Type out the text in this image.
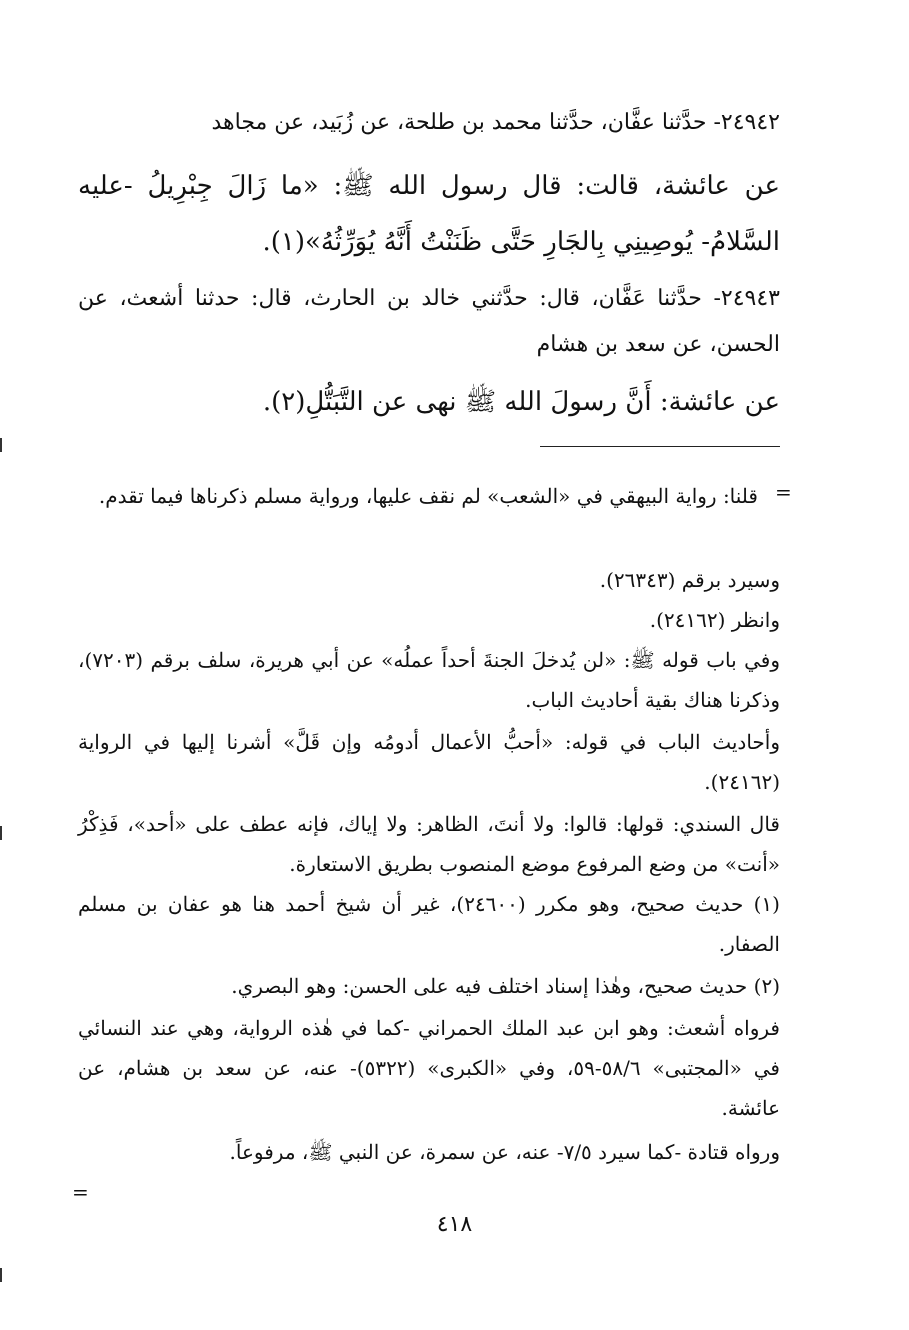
٢٤٩٤٢- حدَّثنا عفَّان، حدَّثنا محمد بن طلحة، عن زُبَيد، عن مجاهد
عن عائشة، قالت: قال رسول الله ﷺ: «ما زَالَ جِبْرِيلُ -عليه السَّلامُ- يُوصِينِي بِالجَارِ حَتَّى ظَنَنْتُ أَنَّهُ يُوَرِّثُهُ»(١).
٢٤٩٤٣- حدَّثنا عَفَّان، قال: حدَّثني خالد بن الحارث، قال: حدثنا أشعث، عن الحسن، عن سعد بن هشام
عن عائشة: أَنَّ رسولَ الله ﷺ نهى عن التَّبَتُّلِ(٢).
=
قلنا: رواية البيهقي في «الشعب» لم نقف عليها، ورواية مسلم ذكرناها فيما تقدم.
وسيرد برقم (٢٦٣٤٣).
وانظر (٢٤١٦٢).
وفي باب قوله ﷺ: «لن يُدخلَ الجنةَ أحداً عملُه» عن أبي هريرة، سلف برقم (٧٢٠٣)، وذكرنا هناك بقية أحاديث الباب.
وأحاديث الباب في قوله: «أحبُّ الأعمال أدومُه وإن قَلَّ» أشرنا إليها في الرواية (٢٤١٦٢).
قال السندي: قولها: قالوا: ولا أنتَ، الظاهر: ولا إياك، فإنه عطف على «أحد»، فَذِكْرُ «أنت» من وضع المرفوع موضع المنصوب بطريق الاستعارة.
(١) حديث صحيح، وهو مكرر (٢٤٦٠٠)، غير أن شيخ أحمد هنا هو عفان بن مسلم الصفار.
(٢) حديث صحيح، وهٰذا إسناد اختلف فيه على الحسن: وهو البصري.
فرواه أشعث: وهو ابن عبد الملك الحمراني -كما في هٰذه الرواية، وهي عند النسائي في «المجتبى» ٥٨/٦-٥٩، وفي «الكبرى» (٥٣٢٢)- عنه، عن سعد بن هشام، عن عائشة.
ورواه قتادة -كما سيرد ٧/٥- عنه، عن سمرة، عن النبي ﷺ، مرفوعاً.
=
٤١٨
